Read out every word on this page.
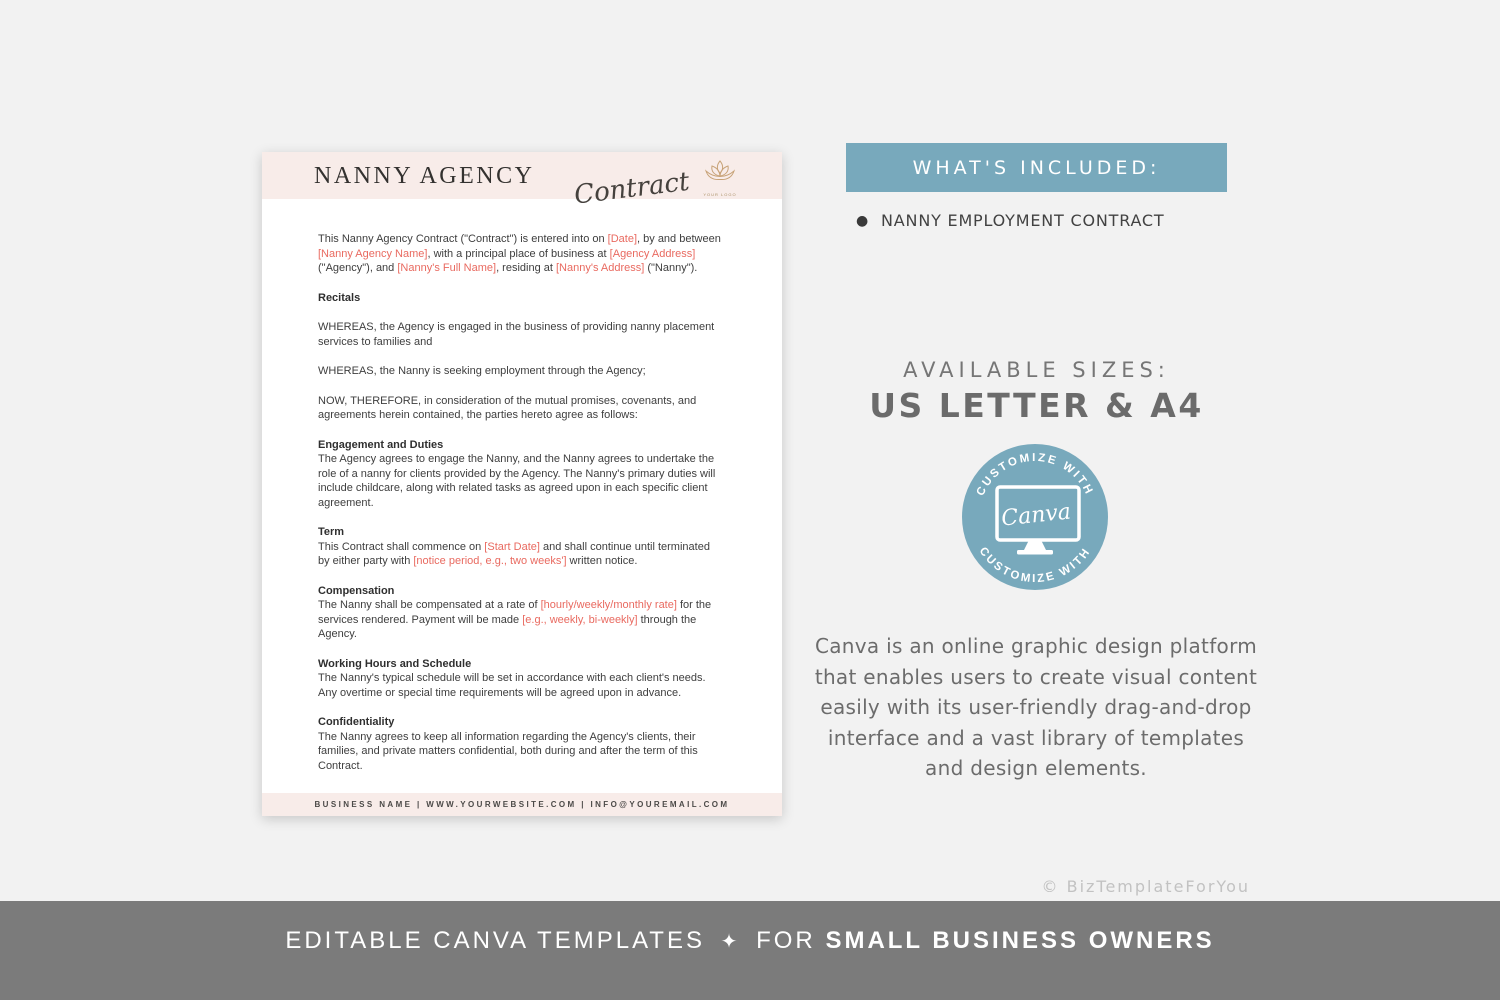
NANNY AGENCY Contract	YOUR LOGO

This Nanny Agency Contract ("Contract") is entered into on [Date], by and between [Nanny Agency Name], with a principal place of business at [Agency Address] ("Agency"), and [Nanny's Full Name], residing at [Nanny's Address] ("Nanny").

Recitals

WHEREAS, the Agency is engaged in the business of providing nanny placement services to families and

WHEREAS, the Nanny is seeking employment through the Agency;

NOW, THEREFORE, in consideration of the mutual promises, covenants, and agreements herein contained, the parties hereto agree as follows:

Engagement and Duties

The Agency agrees to engage the Nanny, and the Nanny agrees to undertake the role of a nanny for clients provided by the Agency. The Nanny's primary duties will include childcare, along with related tasks as agreed upon in each specific client agreement.

Term

This Contract shall commence on [Start Date] and shall continue until terminated by either party with [notice period, e.g., two weeks'] written notice.

Compensation

The Nanny shall be compensated at a rate of [hourly/weekly/monthly rate] for the services rendered. Payment will be made [e.g., weekly, bi-weekly] through the Agency.

Working Hours and Schedule

The Nanny's typical schedule will be set in accordance with each client's needs. Any overtime or special time requirements will be agreed upon in advance.

Confidentiality

The Nanny agrees to keep all information regarding the Agency's clients, their families, and private matters confidential, both during and after the term of this Contract.

BUSINESS NAME | WWW.YOURWEBSITE.COM | INFO@YOUREMAIL.COM
WHAT'S INCLUDED:
● NANNY EMPLOYMENT CONTRACT
AVAILABLE SIZES:
US LETTER & A4
CUSTOMIZE WITH
CUSTOMIZE WITH
Canva
Canva is an online graphic design platform
that enables users to create visual content
easily with its user-friendly drag-and-drop
interface and a vast library of templates
and design elements.
© BizTemplateForYou
EDITABLE CANVA TEMPLATES ✦ FOR SMALL BUSINESS OWNERS
